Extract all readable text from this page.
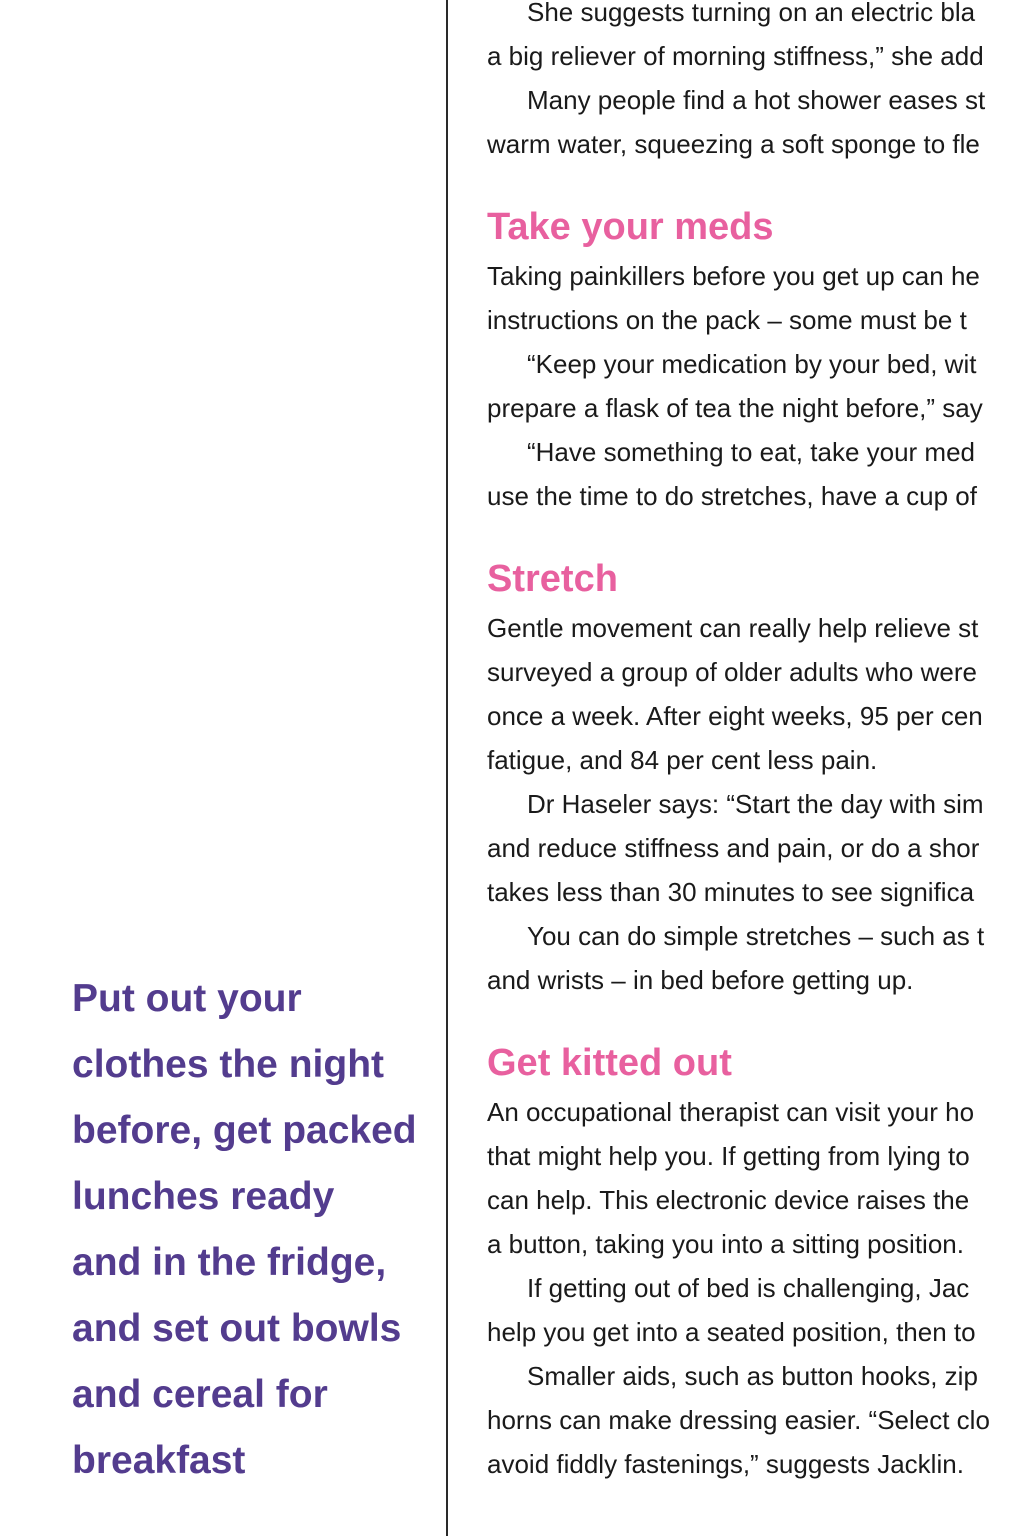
Put out your
clothes the night
before, get packed
lunches ready
and in the fridge,
and set out bowls
and cereal for
breakfast

She suggests turning on an electric bla
a big reliever of morning stiffness,” she add
Many people find a hot shower eases st
warm water, squeezing a soft sponge to fle
Take your meds
Taking painkillers before you get up can he
instructions on the pack – some must be t
“Keep your medication by your bed, wit
prepare a flask of tea the night before,” say
“Have something to eat, take your med
use the time to do stretches, have a cup of
Stretch
Gentle movement can really help relieve st
surveyed a group of older adults who were
once a week. After eight weeks, 95 per cen
fatigue, and 84 per cent less pain.
Dr Haseler says: “Start the day with sim
and reduce stiffness and pain, or do a shor
takes less than 30 minutes to see significa
You can do simple stretches – such as t
and wrists – in bed before getting up.
Get kitted out
An occupational therapist can visit your ho
that might help you. If getting from lying to
can help. This electronic device raises the
a button, taking you into a sitting position.
If getting out of bed is challenging, Jac
help you get into a seated position, then to
Smaller aids, such as button hooks, zip
horns can make dressing easier. “Select clo
avoid fiddly fastenings,” suggests Jacklin.
